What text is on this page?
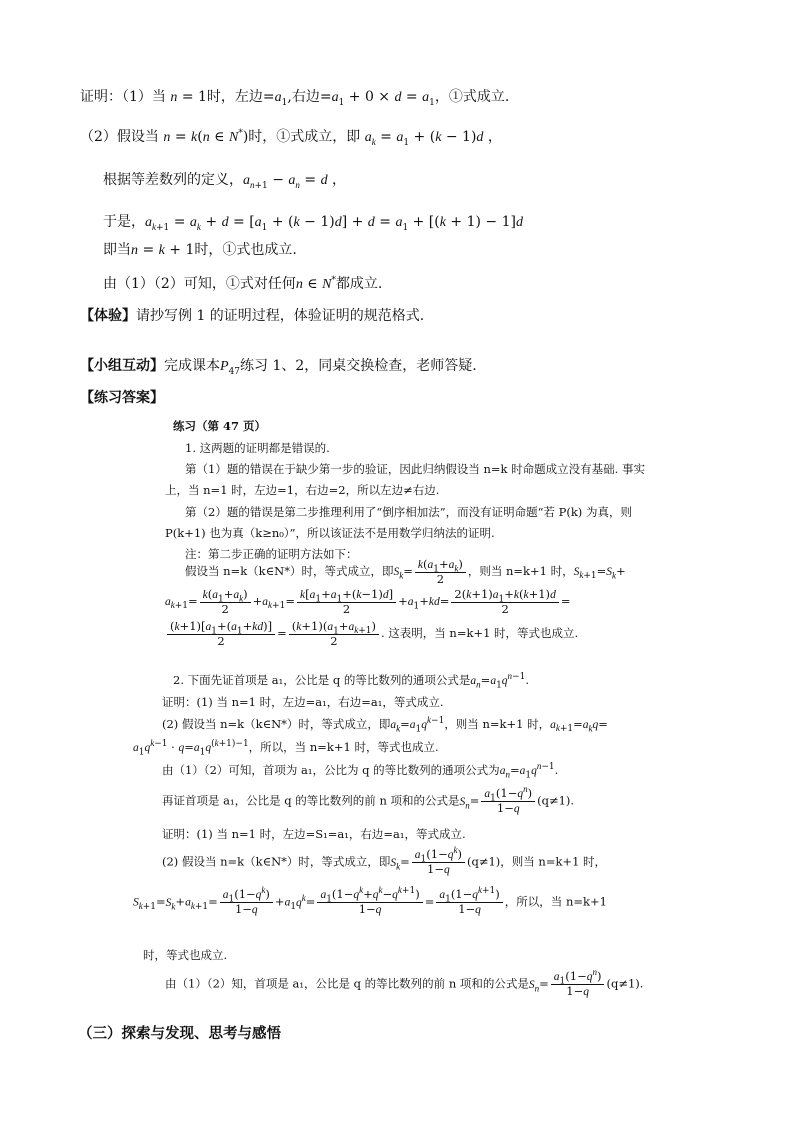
证明：（1）当 n = 1时，左边$=a_1$,右边$=a_1 + 0 \times d = a_1$，①式成立.
（2）假设当 n = k(n ∈ N*)时，①式成立，即 $a_k = a_1 + (k - 1)d$ ，
根据等差数列的定义，$a_{n+1} - a_n = d$ ，
于是，$a_{k+1} = a_k + d = [a_1 + (k - 1)d] + d = a_1 + [(k + 1) - 1]d$
即当n = k + 1时，①式也成立.
由（1）（2）可知，①式对任何n ∈ N*都成立.
【体验】请抄写例 1 的证明过程，体验证明的规范格式.
【小组互动】完成课本$P_{47}$练习 1、2，同桌交换检查，老师答疑.
【练习答案】
练习（第 47 页）
1. 这两题的证明都是错误的.
第（1）题的错误在于缺少第一步的验证，因此归纳假设当 n=k 时命题成立没有基础. 事实
上，当 n=1 时，左边=1，右边=2，所以左边≠右边.
第（2）题的错误是第二步推理利用了“倒序相加法”，而没有证明命题“若 P(k) 为真，则
P(k+1) 也为真（k≥n₀）”，所以该证法不是用数学归纳法的证明.
注：第二步正确的证明方法如下：
假设当 n=k（k∈N*）时，等式成立，即$S_k= \frac{k(a_1+a_k)}{2}$ ，则当 n=k+1 时，$S_{k+1}=S_k+$
$a_{k+1}= \frac{k(a_1+a_k)}{2} +a_{k+1}= \frac{k[a_1+a_1+(k-1)d]}{2} +a_1+kd= \frac{2(k+1)a_1+k(k+1)d}{2}$ =
$\frac{(k+1)[a_1+(a_1+kd)]}{2} = \frac{(k+1)(a_1+a_{k+1})}{2}$ . 这表明，当 n=k+1 时，等式也成立.
2. 下面先证首项是 a₁，公比是 q 的等比数列的通项公式是$a_n=a_1q^{n-1}$.
证明：(1) 当 n=1 时，左边=a₁，右边=a₁，等式成立.
(2) 假设当 n=k（k∈N*）时，等式成立，即$a_k=a_1q^{k-1}$，则当 n=k+1 时，$a_{k+1}=a_kq=$
$a_1q^{k-1} \cdot q=a_1q^{(k+1)-1}$，所以，当 n=k+1 时，等式也成立.
由（1）（2）可知，首项为 a₁，公比为 q 的等比数列的通项公式为$a_n=a_1q^{n-1}$.
再证首项是 a₁，公比是 q 的等比数列的前 n 项和的公式是$S_n= \frac{a_1(1-q^n)}{1-q} (q\ne 1)$.
证明：(1) 当 n=1 时，左边=S₁=a₁，右边=a₁，等式成立.
(2) 假设当 n=k（k∈N*）时，等式成立，即$S_k= \frac{a_1(1-q^k)}{1-q} (q\ne 1)$，则当 n=k+1 时，
$S_{k+1}=S_k+a_{k+1}= \frac{a_1(1-q^k)}{1-q} +a_1q^k= \frac{a_1(1-q^k+q^k-q^{k+1})}{1-q} = \frac{a_1(1-q^{k+1})}{1-q}$ ，所以，当 n=k+1
时，等式也成立.
由（1）（2）知，首项是 a₁，公比是 q 的等比数列的前 n 项和的公式是$S_n= \frac{a_1(1-q^n)}{1-q} (q\ne 1)$.
（三）探索与发现、思考与感悟
